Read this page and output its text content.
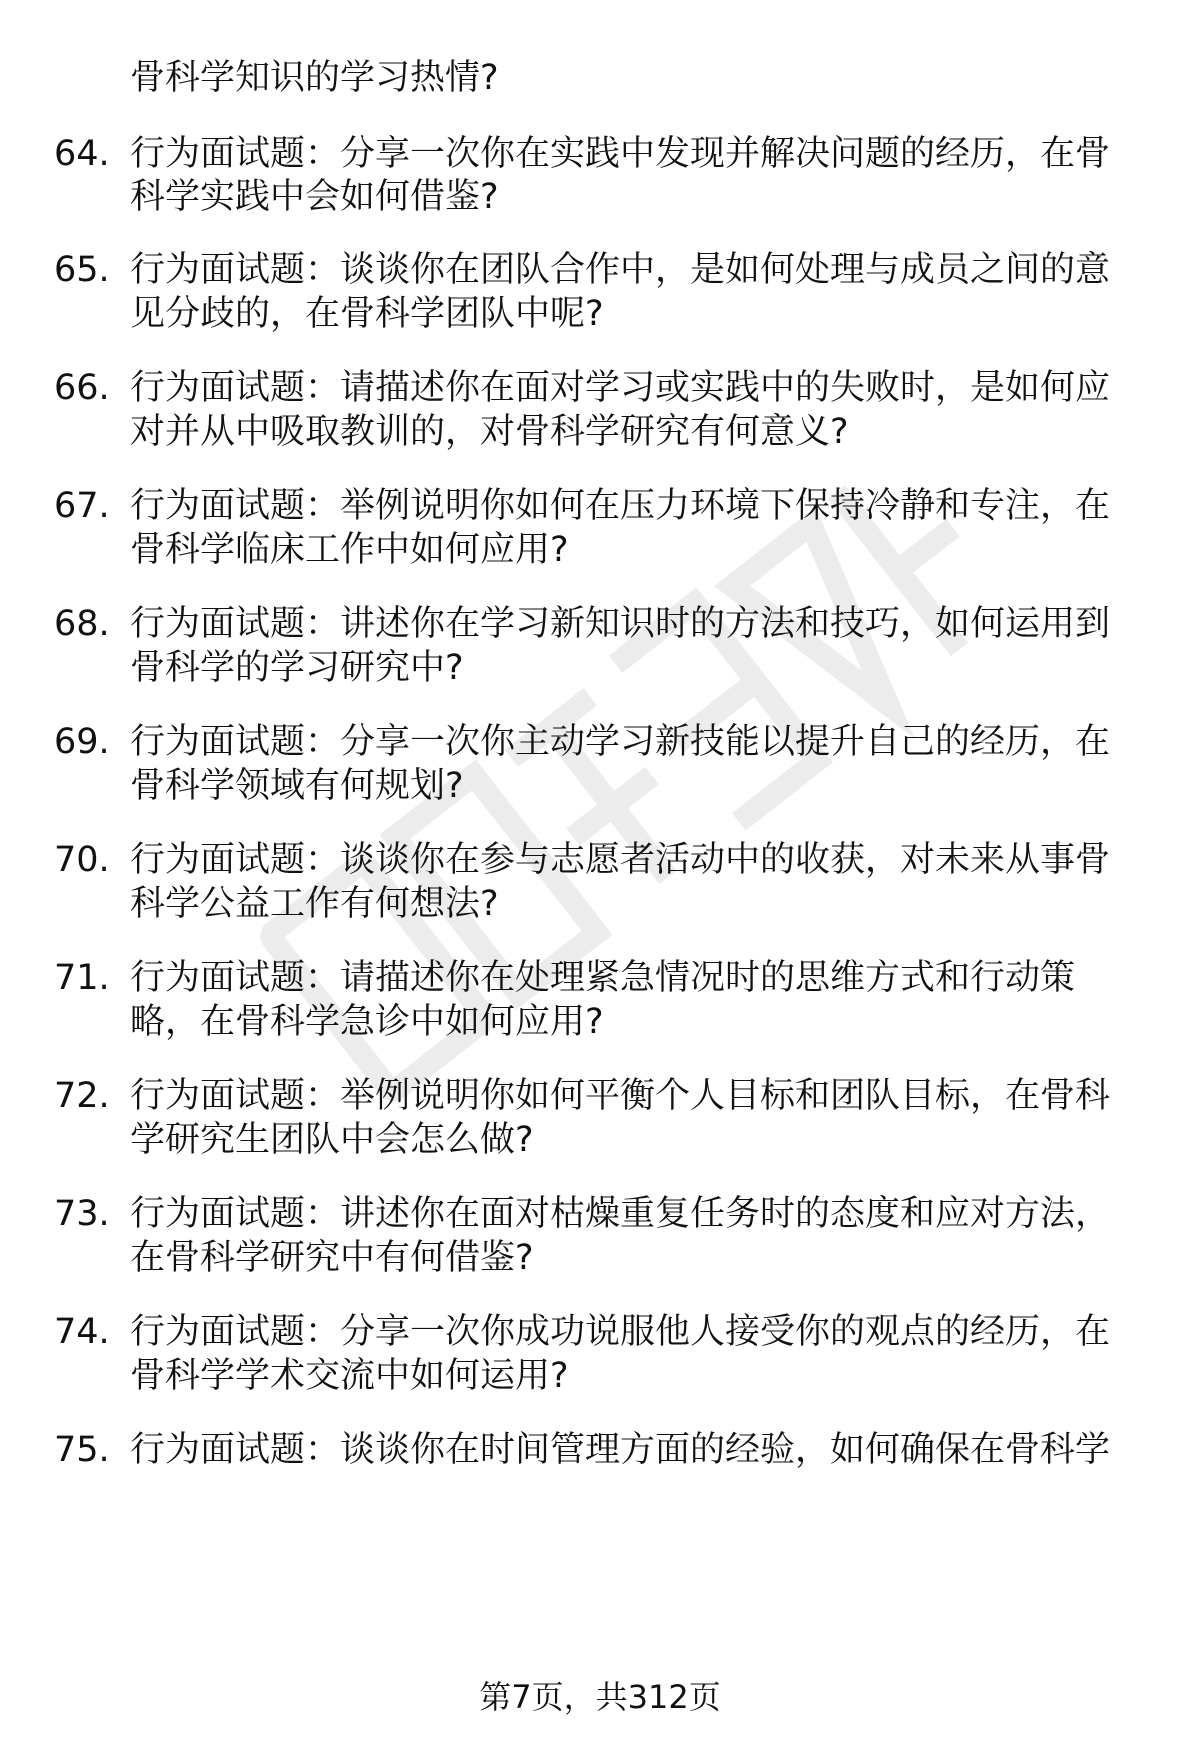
骨科学知识的学习热情?
64. 行为面试题：分享一次你在实践中发现并解决问题的经历，在骨
科学实践中会如何借鉴?
65. 行为面试题：谈谈你在团队合作中，是如何处理与成员之间的意
见分歧的，在骨科学团队中呢?
66. 行为面试题：请描述你在面对学习或实践中的失败时，是如何应
对并从中吸取教训的，对骨科学研究有何意义?
67. 行为面试题：举例说明你如何在压力环境下保持冷静和专注，在
骨科学临床工作中如何应用?
68. 行为面试题：讲述你在学习新知识时的方法和技巧，如何运用到
骨科学的学习研究中?
69. 行为面试题：分享一次你主动学习新技能以提升自己的经历，在
骨科学领域有何规划?
70. 行为面试题：谈谈你在参与志愿者活动中的收获，对未来从事骨
科学公益工作有何想法?
71. 行为面试题：请描述你在处理紧急情况时的思维方式和行动策
略，在骨科学急诊中如何应用?
72. 行为面试题：举例说明你如何平衡个人目标和团队目标，在骨科
学研究生团队中会怎么做?
73. 行为面试题：讲述你在面对枯燥重复任务时的态度和应对方法，
在骨科学研究中有何借鉴?
74. 行为面试题：分享一次你成功说服他人接受你的观点的经历，在
骨科学学术交流中如何运用?
75. 行为面试题：谈谈你在时间管理方面的经验，如何确保在骨科学
第7页，共312页
